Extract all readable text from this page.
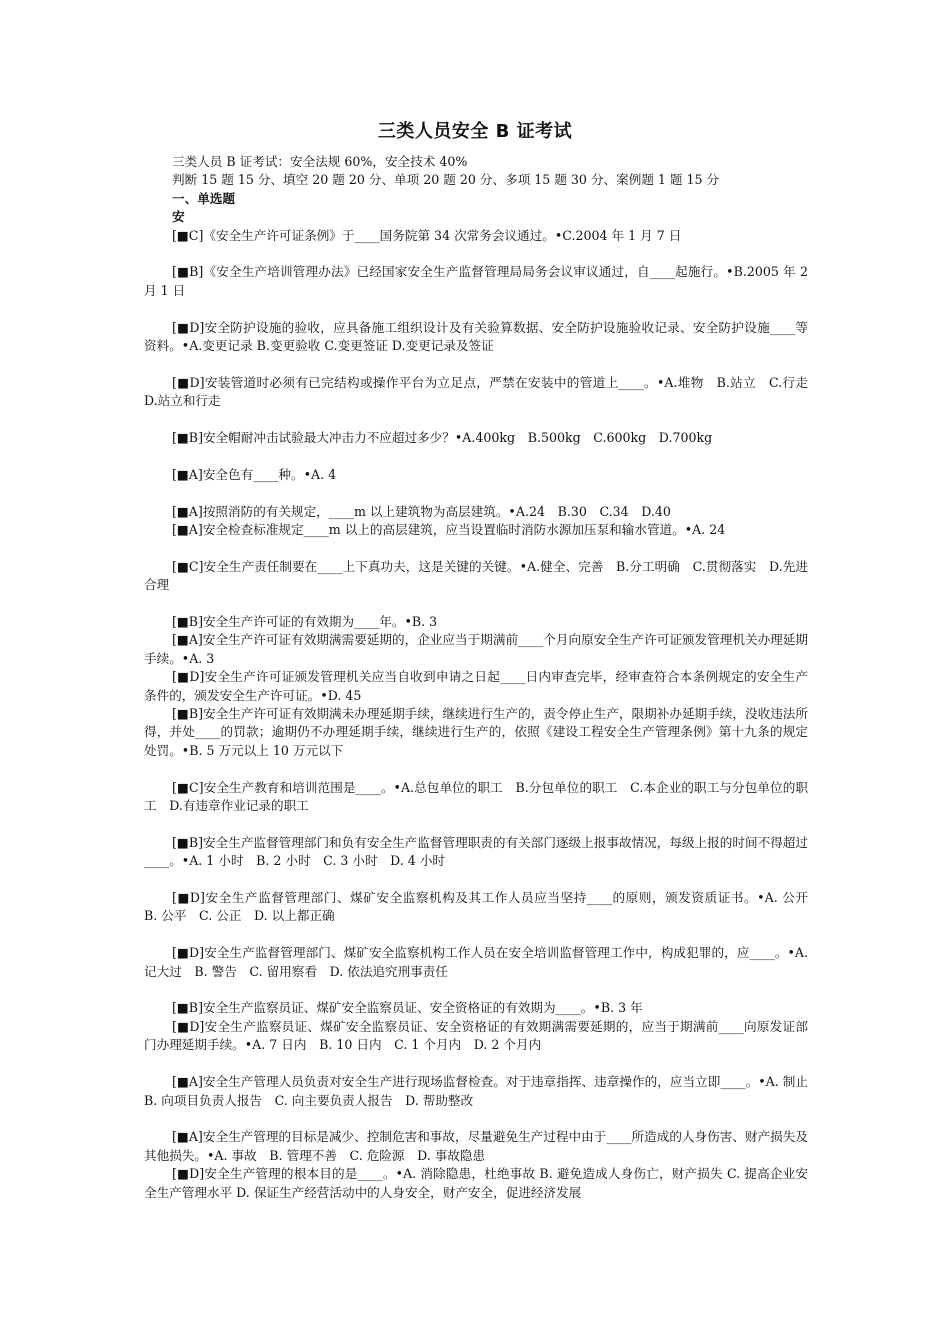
三类人员安全 B 证考试
三类人员 B 证考试：安全法规 60%，安全技术 40%
判断 15 题 15 分、填空 20 题 20 分、单项 20 题 20 分、多项 15 题 30 分、案例题 1 题 15 分
一、单选题
安

[■C]《安全生产许可证条例》于____国务院第 34 次常务会议通过。•C.2004 年 1 月 7 日

[■B]《安全生产培训管理办法》已经国家安全生产监督管理局局务会议审议通过，自____起施行。•B.2005 年 2 月 1 日

[■D]安全防护设施的验收，应具备施工组织设计及有关验算数据、安全防护设施验收记录、安全防护设施____等资料。•A.变更记录 B.变更验收 C.变更签证 D.变更记录及签证

[■D]安装管道时必须有已完结构或操作平台为立足点，严禁在安装中的管道上____。•A.堆物　B.站立　C.行走　D.站立和行走

[■B]安全帽耐冲击试验最大冲击力不应超过多少？•A.400kg　B.500kg　C.600kg　D.700kg

[■A]安全色有____种。•A. 4

[■A]按照消防的有关规定，____m 以上建筑物为高层建筑。•A.24　B.30　C.34　D.40

[■A]安全检查标准规定____m 以上的高层建筑，应当设置临时消防水源加压泵和输水管道。•A. 24

[■C]安全生产责任制要在____上下真功夫，这是关键的关键。•A.健全、完善　B.分工明确　C.贯彻落实　D.先进合理

[■B]安全生产许可证的有效期为____年。•B. 3

[■A]安全生产许可证有效期满需要延期的，企业应当于期满前____个月向原安全生产许可证颁发管理机关办理延期手续。•A. 3

[■D]安全生产许可证颁发管理机关应当自收到申请之日起____日内审查完毕，经审查符合本条例规定的安全生产条件的，颁发安全生产许可证。•D. 45

[■B]安全生产许可证有效期满未办理延期手续，继续进行生产的，责令停止生产，限期补办延期手续，没收违法所得，并处____的罚款；逾期仍不办理延期手续，继续进行生产的，依照《建设工程安全生产管理条例》第十九条的规定处罚。•B. 5 万元以上 10 万元以下

[■C]安全生产教育和培训范围是____。•A.总包单位的职工　B.分包单位的职工　C.本企业的职工与分包单位的职工　D.有违章作业记录的职工

[■B]安全生产监督管理部门和负有安全生产监督管理职责的有关部门逐级上报事故情况，每级上报的时间不得超过____。•A. 1 小时　B. 2 小时　C. 3 小时　D. 4 小时

[■D]安全生产监督管理部门、煤矿安全监察机构及其工作人员应当坚持____的原则，颁发资质证书。•A. 公开　B. 公平　C. 公正　D. 以上都正确

[■D]安全生产监督管理部门、煤矿安全监察机构工作人员在安全培训监督管理工作中，构成犯罪的，应____。•A. 记大过　B. 警告　C. 留用察看　D. 依法追究刑事责任

[■B]安全生产监察员证、煤矿安全监察员证、安全资格证的有效期为____。•B. 3 年

[■D]安全生产监察员证、煤矿安全监察员证、安全资格证的有效期满需要延期的，应当于期满前____向原发证部门办理延期手续。•A. 7 日内　B. 10 日内　C. 1 个月内　D. 2 个月内

[■A]安全生产管理人员负责对安全生产进行现场监督检查。对于违章指挥、违章操作的，应当立即____。•A. 制止　B. 向项目负责人报告　C. 向主要负责人报告　D. 帮助整改

[■A]安全生产管理的目标是减少、控制危害和事故，尽量避免生产过程中由于____所造成的人身伤害、财产损失及其他损失。•A. 事故　B. 管理不善　C. 危险源　D. 事故隐患

[■D]安全生产管理的根本目的是____。•A. 消除隐患，杜绝事故 B. 避免造成人身伤亡，财产损失 C. 提高企业安全生产管理水平 D. 保证生产经营活动中的人身安全，财产安全，促进经济发展
